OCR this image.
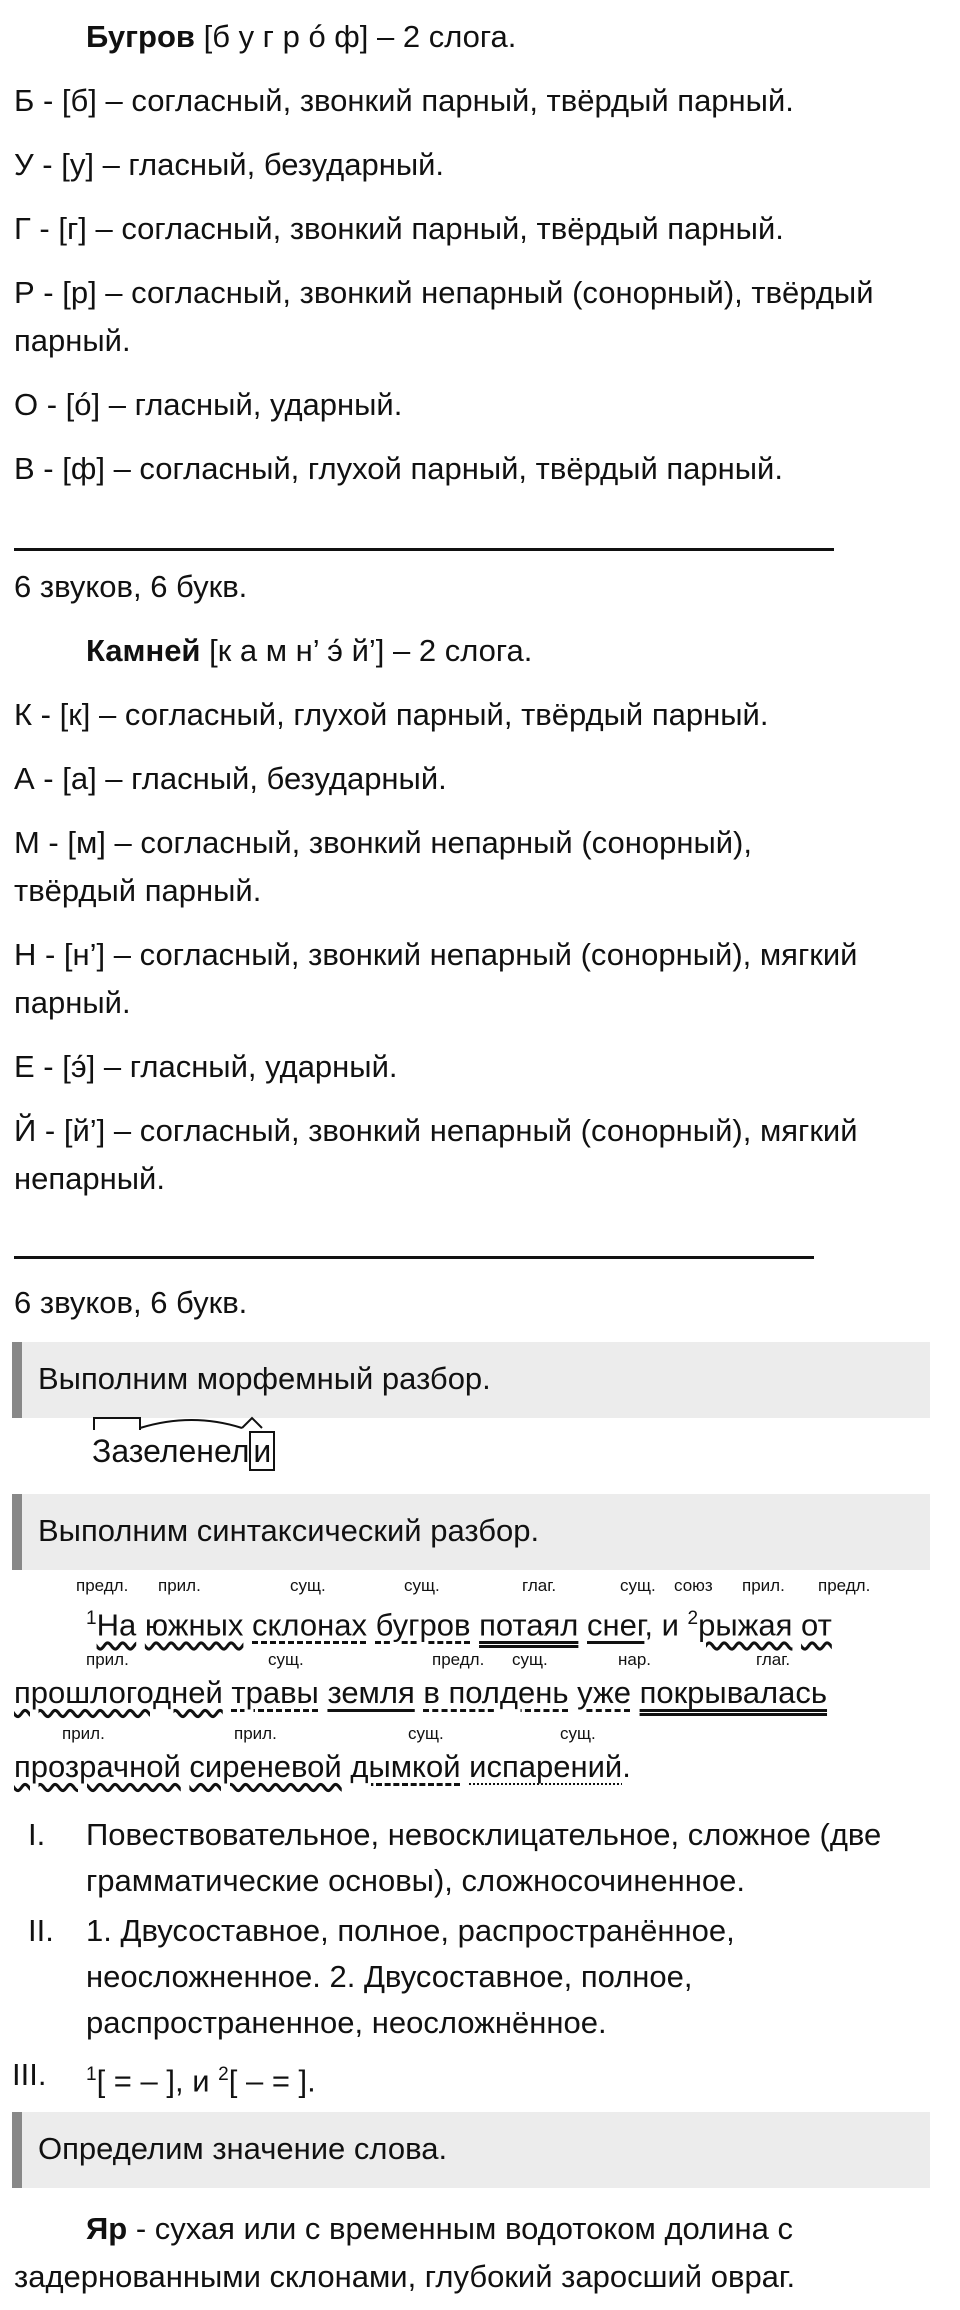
Бугров [б у г р ó ф] – 2 слога.
Б - [б] – согласный, звонкий парный, твёрдый парный.
У - [у] – гласный, безударный.
Г - [г] – согласный, звонкий парный, твёрдый парный.
Р - [р] – согласный, звонкий непарный (сонорный), твёрдый
парный.
О - [ó] – гласный, ударный.
В - [ф] – согласный, глухой парный, твёрдый парный.
6 звуков, 6 букв.
Камней [к а м н’ э́ й’] – 2 слога.
К - [к] – согласный, глухой парный, твёрдый парный.
А - [а] – гласный, безударный.
М - [м] – согласный, звонкий непарный (сонорный),
твёрдый парный.
Н - [н’] – согласный, звонкий непарный (сонорный), мягкий
парный.
Е - [э́] – гласный, ударный.
Й - [й’] – согласный, звонкий непарный (сонорный), мягкий
непарный.
6 звуков, 6 букв.
Выполним морфемный разбор.
Зазеленел и
Выполним синтаксический разбор.
предл. прил.	сущ.	сущ.	глаг.	сущ. союз прил. предл.
$^1$На южных склонах бугров потаял снег, и $^2$рыжая от
прил.	сущ.	предл. сущ.	нар.	глаг.
прошлогодней травы земля в полдень уже покрывалась
прил.	прил.	сущ.	сущ.
прозрачной сиреневой дымкой испарений.
I. Повествовательное, невосклицательное, сложное (две
грамматические основы), сложносочиненное.
II. 1. Двусоставное, полное, распространённое,
неосложненное. 2. Двусоставное, полное,
распространенное, неосложнённое.
III. $^1$[ = – ], и $^2$[ – = ].
Определим значение слова.
Яр - сухая или с временным водотоком долина с
задернованными склонами, глубокий заросший овраг.
